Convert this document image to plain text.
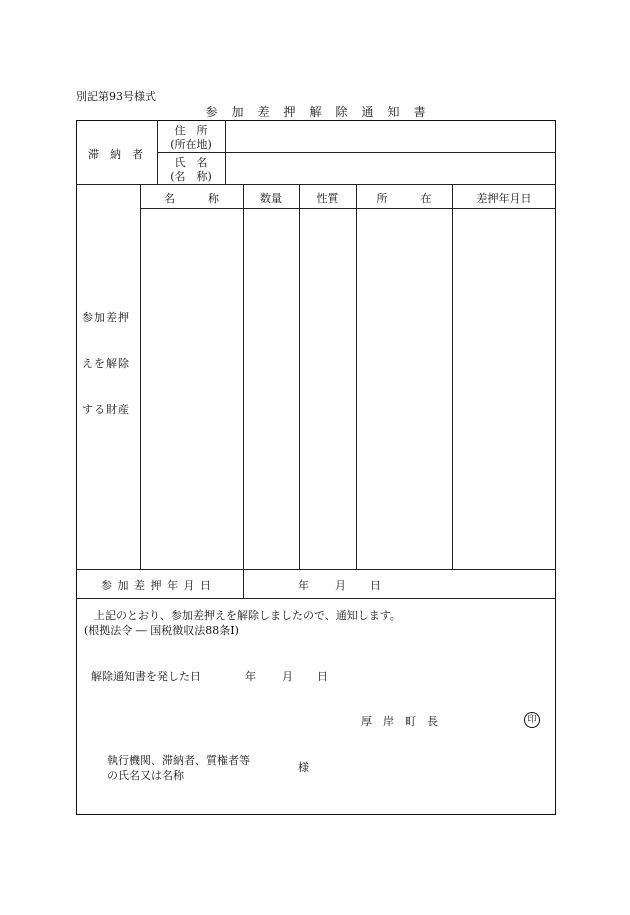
別記第93号様式
参　加　差　押　解　除　通　知　書
滞　納　者
住　所
(所在地)
氏　名
(名　称)
名　　　称	数量	性質	所　　　在	差押年月日
参加差押
えを解除
する財産
参 加 差 押 年 月 日	年 月 日
上記のとおり、参加差押えを解除しましたので、通知します。
(根拠法令 ― 国税徴収法88条Ⅰ)
解除通知書を発した日	年 月 日
厚　岸　町　長	印
執行機関、滞納者、質権者等
の氏名又は名称
様
